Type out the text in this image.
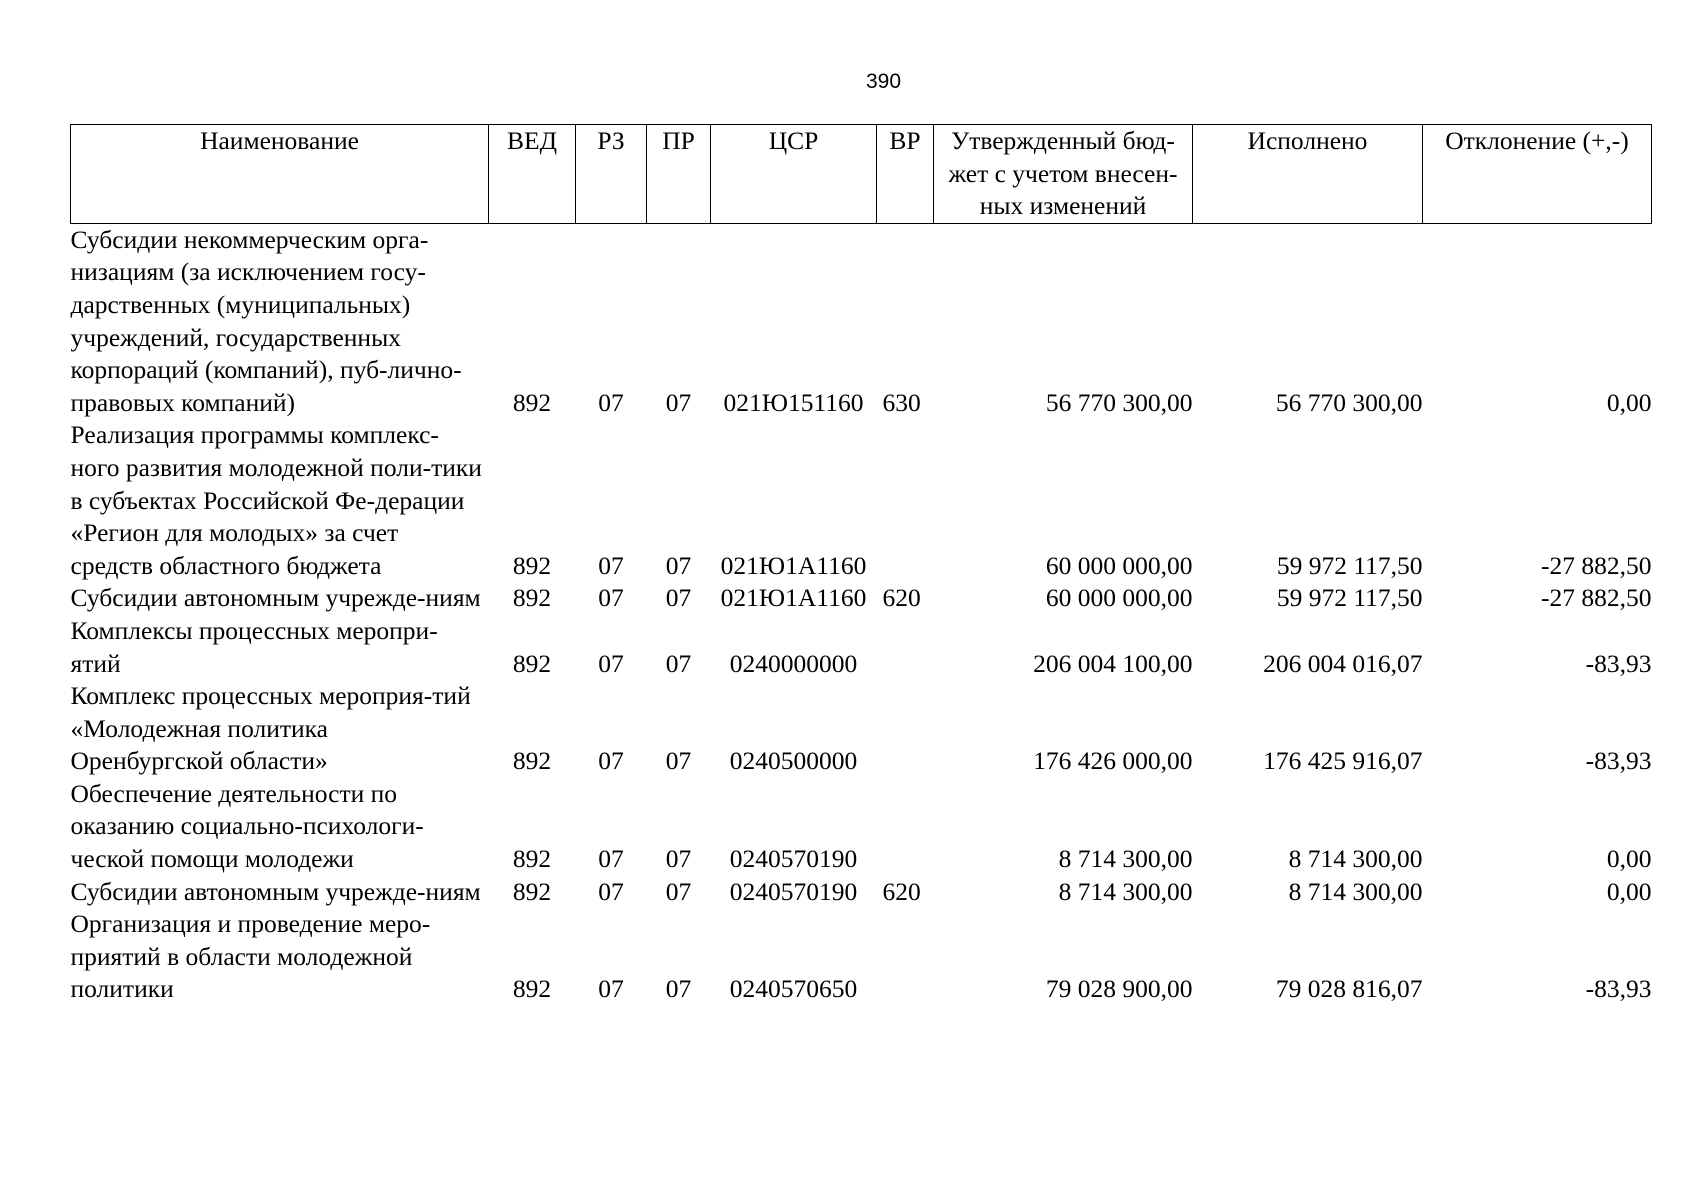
390
Наименование	ВЕД	РЗ	ПР	ЦСР	ВР	Утвержденный бюд-жет с учетом внесен-ных изменений	Исполнено	Отклонение (+,-)
Субсидии некоммерческим орга-низациям (за исключением госу-дарственных (муниципальных) учреждений, государственных корпораций (компаний), пуб-лично-правовых компаний)	892	07	07	021Ю151160	630	56 770 300,00	56 770 300,00	0,00
Реализация программы комплекс-ного развития молодежной поли-тики в субъектах Российской Фе-дерации «Регион для молодых» за счет средств областного бюджета	892	07	07	021Ю1А1160		60 000 000,00	59 972 117,50	-27 882,50
Субсидии автономным учрежде-ниям	892	07	07	021Ю1А1160	620	60 000 000,00	59 972 117,50	-27 882,50
Комплексы процессных меропри-ятий	892	07	07	0240000000		206 004 100,00	206 004 016,07	-83,93
Комплекс процессных мероприя-тий «Молодежная политика Оренбургской области»	892	07	07	0240500000		176 426 000,00	176 425 916,07	-83,93
Обеспечение деятельности по оказанию социально-психологи-ческой помощи молодежи	892	07	07	0240570190		8 714 300,00	8 714 300,00	0,00
Субсидии автономным учрежде-ниям	892	07	07	0240570190	620	8 714 300,00	8 714 300,00	0,00
Организация и проведение меро-приятий в области молодежной политики	892	07	07	0240570650		79 028 900,00	79 028 816,07	-83,93
